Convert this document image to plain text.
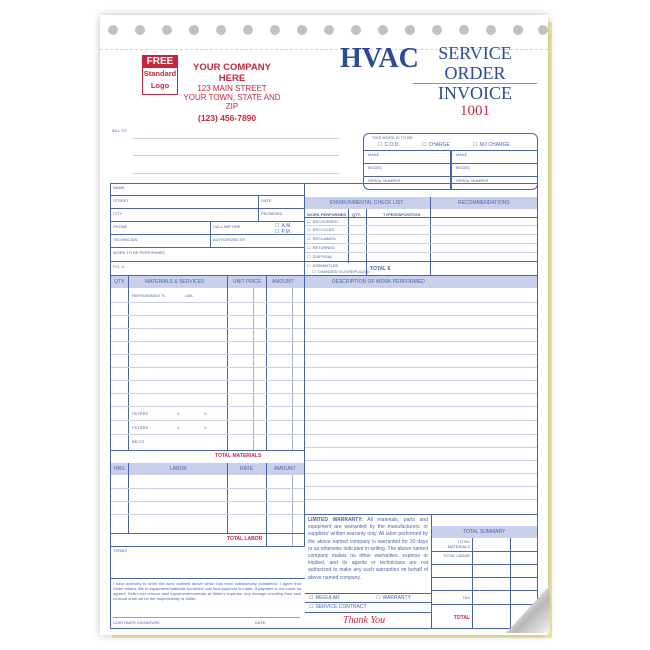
FREE
Standard
Logo
YOUR COMPANY HERE
123 MAIN STREET
YOUR TOWN, STATE AND ZIP
(123) 456-7890
HVAC	SERVICE ORDER
INVOICE
1001
BILL TO
THIS WORK IS TO BE
☐ C.O.D.	☐ CHARGE	☐ NO CHARGE
MAKE
MODEL
SERIAL NUMBER
MAKE
MODEL
SERIAL NUMBER
NAME
STREET	DATE
CITY	PROMISED
PHONE	CALL BEFORE	☐ A.M.
☐ P.M.
TECHNICIAN	AUTHORIZED BY
WORK TO BE PERFORMED
P.O. #
ENVIRONMENTAL CHECK LIST	RECOMMENDATIONS
WORK PERFORMED QTY.	TYPE/DISPOSITION
☐ RECOVERED
☐ RECYCLED
☐ RECLAIMED
☐ RETURNED
☐ DISPOSAL
☐ DISMANTLED
☐ CHANGED OUT/REPLACED TOTAL $
QTY.	MATERIALS & SERVICES	UNIT PRICE AMOUNT	DESCRIPTION OF WORK PERFORMED
REFRIGERANT R-	LBS.
FILTERS	X	X
FILTERS	X	X
BELTS
TOTAL MATERIALS
HRS.	LABOR	RATE	AMOUNT
TOTAL LABOR
TERMS
I have authority to order the work outlined above which has been satisfactorily completed. I agree that Seller retains title to equipment/materials furnished until final payment is made. If payment is not made as agreed, Seller can remove said equipment/materials at Seller's expense. Any damage resulting from said removal shall not be the responsibility of Seller.
CUSTOMER SIGNATURE	DATE
LIMITED WARRANTY: All materials, parts and equipment are warranted by the manufacturers' or suppliers' written warranty only. All labor performed by the above named company is warranted for 30 days or as otherwise indicated in writing. The above named company makes no other warranties, express or implied, and its agents or technicians are not authorized to make any such warranties on behalf of above named company.
☐ REGULAR	☐ WARRANTY
☐ SERVICE CONTRACT
Thank You
TOTAL SUMMARY
TOTAL MATERIALS
TOTAL LABOR
TAX
TOTAL
